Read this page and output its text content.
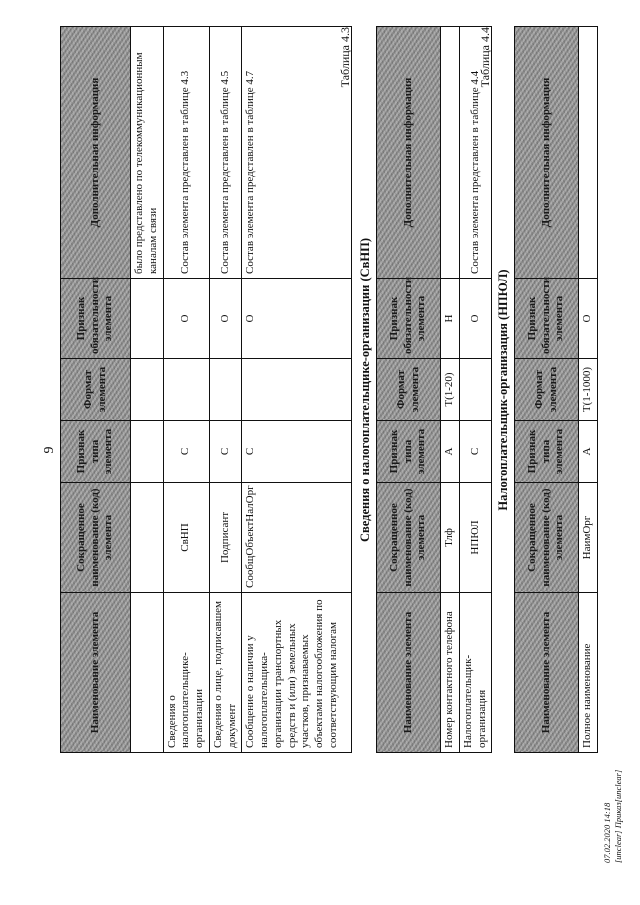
9
Наименование элемента	Сокращенное наименование (код) элемента	Признак типа элемента	Формат элемента	Признак обязательности элемента	Дополнительная информация
					было представлено по телекоммуникационным каналам связи
Сведения о налогоплательщике-организации	СвНП	С		О	Состав элемента представлен в таблице 4.3
Сведения о лице, подписавшем документ	Подписант	С		О	Состав элемента представлен в таблице 4.5
Сообщение о наличии у налогоплательщика-организации транспортных средств и (или) земельных участков, признаваемых объектами налогообложения по соответствующим налогам	СообщОбъектНалОрг	С		О	Состав элемента представлен в таблице 4.7
Таблица 4.3
Сведения о налогоплательщике-организации (СвНП)
Наименование элемента	Сокращенное наименование (код) элемента	Признак типа элемента	Формат элемента	Признак обязательности элемента	Дополнительная информация
Номер контактного телефона	Тлф	А	T(1-20)	Н	
Налогоплательщик-организация	НПЮЛ	С		О	Состав элемента представлен в таблице 4.4
Таблица 4.4
Налогоплательщик-организация (НПЮЛ)
Наименование элемента	Сокращенное наименование (код) элемента	Признак типа элемента	Формат элемента	Признак обязательности элемента	Дополнительная информация
Полное наименование	НаимОрг	А	T(1-1000)	О	
07.02.2020 14:18 [unclear] Приказ[unclear]
